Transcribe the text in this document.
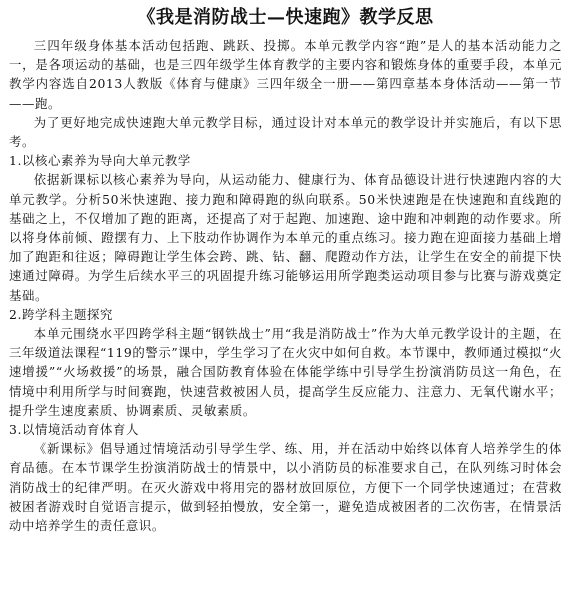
《我是消防战士—快速跑》教学反思

三四年级身体基本活动包括跑、跳跃、投掷。本单元教学内容“跑”是人的基本活动能力之一，是各项运动的基础，也是三四年级学生体育教学的主要内容和锻炼身体的重要手段，本单元教学内容选自2013人教版《体育与健康》三四年级全一册——第四章基本身体活动——第一节——跑。

为了更好地完成快速跑大单元教学目标，通过设计对本单元的教学设计并实施后，有以下思考。

1.以核心素养为导向大单元教学

依据新课标以核心素养为导向，从运动能力、健康行为、体育品德设计进行快速跑内容的大单元教学。分析50米快速跑、接力跑和障碍跑的纵向联系。50米快速跑是在快速跑和直线跑的基础之上，不仅增加了跑的距离，还提高了对于起跑、加速跑、途中跑和冲刺跑的动作要求。所以将身体前倾、蹬摆有力、上下肢动作协调作为本单元的重点练习。接力跑在迎面接力基础上增加了跑距和往返；障碍跑让学生体会跨、跳、钻、翻、爬蹬动作方法，让学生在安全的前提下快速通过障碍。为学生后续水平三的巩固提升练习能够运用所学跑类运动项目参与比赛与游戏奠定基础。

2.跨学科主题探究

本单元围绕水平四跨学科主题“钢铁战士”用“我是消防战士”作为大单元教学设计的主题，在三年级道法课程“119的警示”课中，学生学习了在火灾中如何自救。本节课中，教师通过模拟“火速增援”“火场救援”的场景，融合国防教育体验在体能学练中引导学生扮演消防员这一角色，在情境中利用所学与时间赛跑，快速营救被困人员，提高学生反应能力、注意力、无氧代谢水平；提升学生速度素质、协调素质、灵敏素质。

3.以情境活动育体育人

《新课标》倡导通过情境活动引导学生学、练、用，并在活动中始终以体育人培养学生的体育品德。在本节课学生扮演消防战士的情景中，以小消防员的标准要求自己，在队列练习时体会消防战士的纪律严明。在灭火游戏中将用完的器材放回原位，方便下一个同学快速通过；在营救被困者游戏时自觉语言提示，做到轻拍慢放，安全第一，避免造成被困者的二次伤害，在情景活动中培养学生的责任意识。
